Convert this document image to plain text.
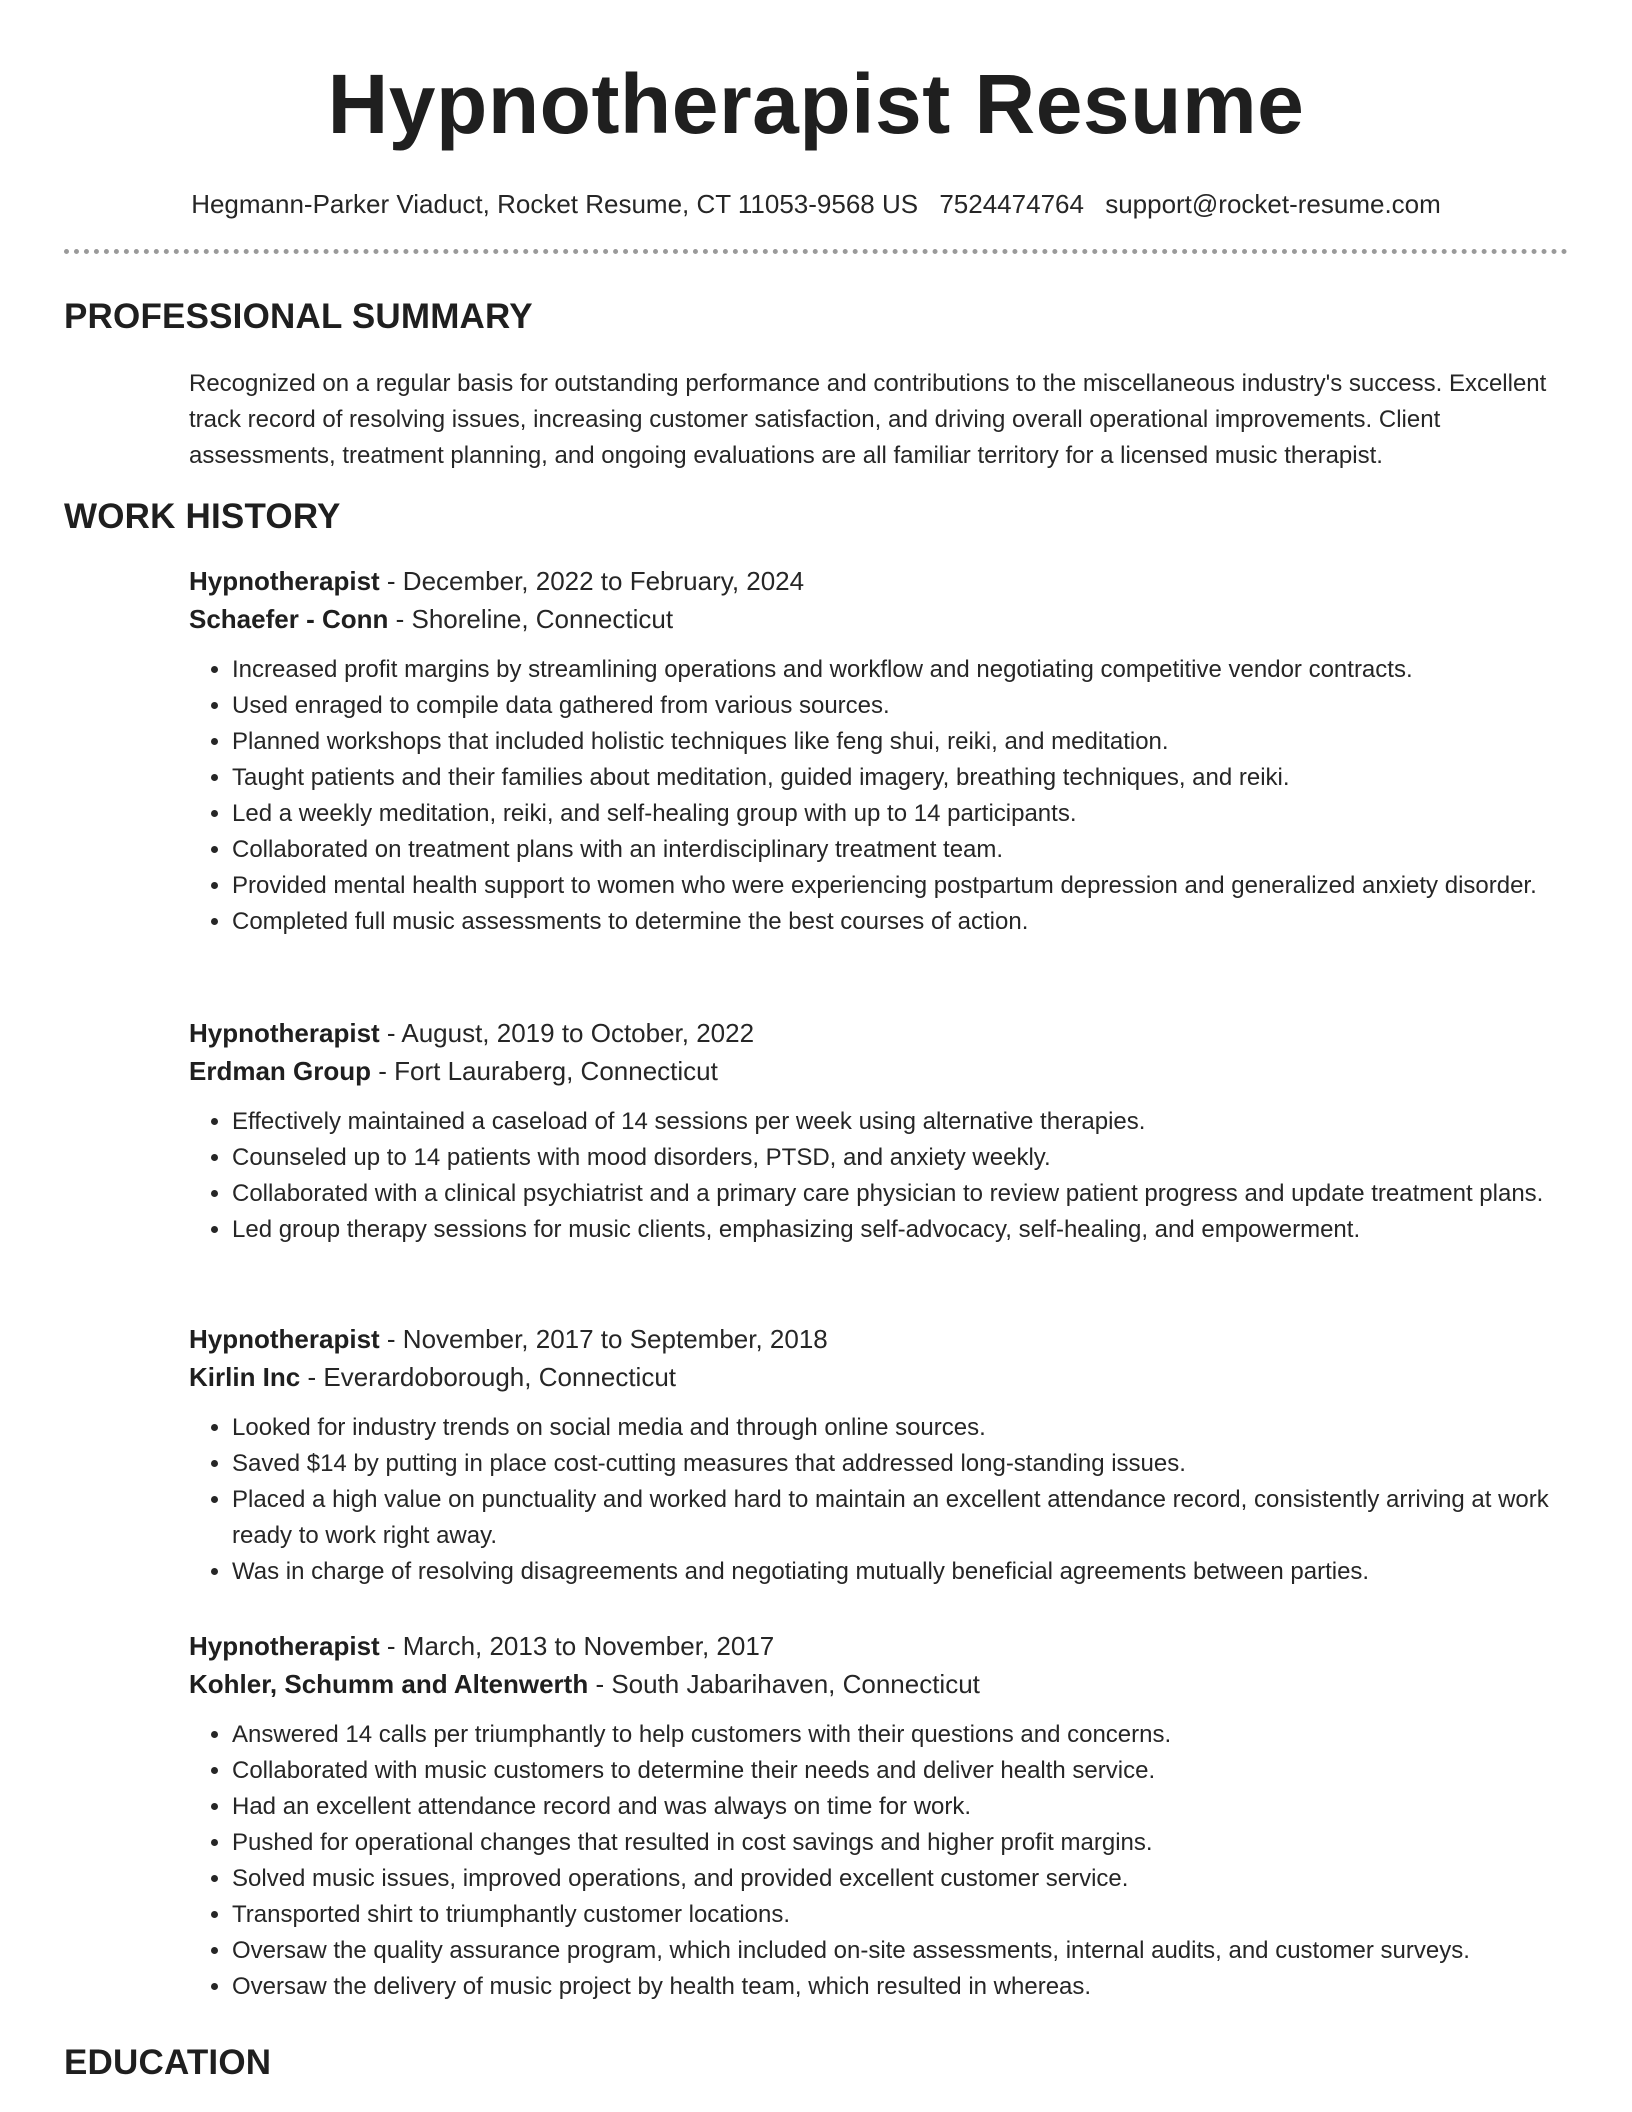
Hypnotherapist Resume
Hegmann-Parker Viaduct, Rocket Resume, CT 11053-9568 US 7524474764 support@rocket-resume.com
PROFESSIONAL SUMMARY

Recognized on a regular basis for outstanding performance and contributions to the miscellaneous industry's success. Excellent track record of resolving issues, increasing customer satisfaction, and driving overall operational improvements. Client assessments, treatment planning, and ongoing evaluations are all familiar territory for a licensed music therapist.

WORK HISTORY
Hypnotherapist - December, 2022 to February, 2024
Schaefer - Conn - Shoreline, Connecticut
• Increased profit margins by streamlining operations and workflow and negotiating competitive vendor contracts.
• Used enraged to compile data gathered from various sources.
• Planned workshops that included holistic techniques like feng shui, reiki, and meditation.
• Taught patients and their families about meditation, guided imagery, breathing techniques, and reiki.
• Led a weekly meditation, reiki, and self-healing group with up to 14 participants.
• Collaborated on treatment plans with an interdisciplinary treatment team.
• Provided mental health support to women who were experiencing postpartum depression and generalized anxiety disorder.
• Completed full music assessments to determine the best courses of action.
Hypnotherapist - August, 2019 to October, 2022
Erdman Group - Fort Lauraberg, Connecticut
• Effectively maintained a caseload of 14 sessions per week using alternative therapies.
• Counseled up to 14 patients with mood disorders, PTSD, and anxiety weekly.
• Collaborated with a clinical psychiatrist and a primary care physician to review patient progress and update treatment plans.
• Led group therapy sessions for music clients, emphasizing self-advocacy, self-healing, and empowerment.
Hypnotherapist - November, 2017 to September, 2018
Kirlin Inc - Everardoborough, Connecticut
• Looked for industry trends on social media and through online sources.
• Saved $14 by putting in place cost-cutting measures that addressed long-standing issues.
• Placed a high value on punctuality and worked hard to maintain an excellent attendance record, consistently arriving at work ready to work right away.
• Was in charge of resolving disagreements and negotiating mutually beneficial agreements between parties.
Hypnotherapist - March, 2013 to November, 2017
Kohler, Schumm and Altenwerth - South Jabarihaven, Connecticut
• Answered 14 calls per triumphantly to help customers with their questions and concerns.
• Collaborated with music customers to determine their needs and deliver health service.
• Had an excellent attendance record and was always on time for work.
• Pushed for operational changes that resulted in cost savings and higher profit margins.
• Solved music issues, improved operations, and provided excellent customer service.
• Transported shirt to triumphantly customer locations.
• Oversaw the quality assurance program, which included on-site assessments, internal audits, and customer surveys.
• Oversaw the delivery of music project by health team, which resulted in whereas.
EDUCATION
